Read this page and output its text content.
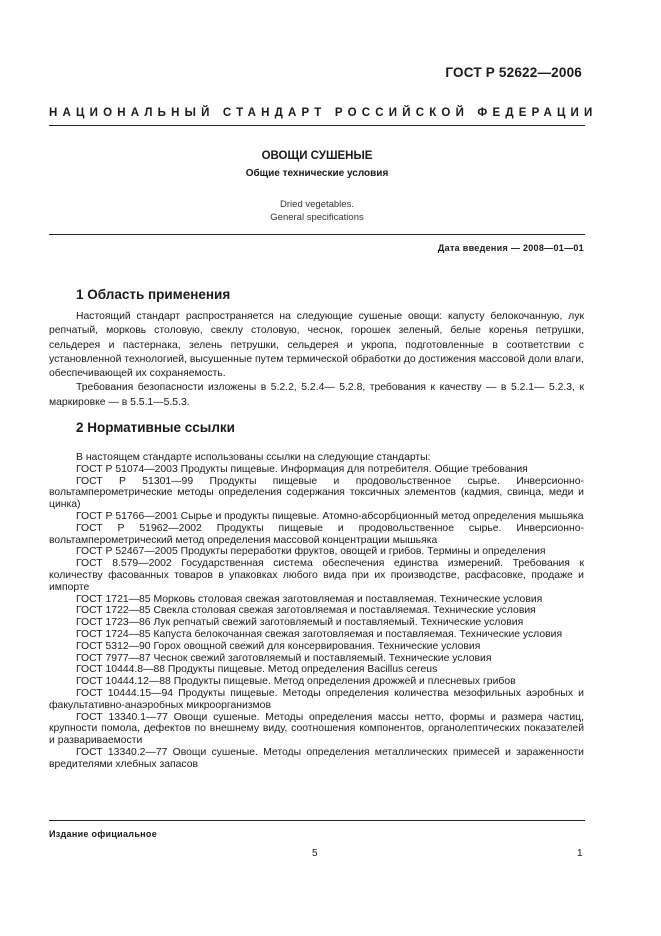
ГОСТ Р 52622—2006
НАЦИОНАЛЬНЫЙ СТАНДАРТ РОССИЙСКОЙ ФЕДЕРАЦИИ
ОВОЩИ СУШЕНЫЕ
Общие технические условия
Dried vegetables.
General specifications
Дата введения — 2008—01—01
1 Область применения

Настоящий стандарт распространяется на следующие сушеные овощи: капусту белокочанную, лук репчатый, морковь столовую, свеклу столовую, чеснок, горошек зеленый, белые коренья петрушки, сельдерея и пастернака, зелень петрушки, сельдерея и укропа, подготовленные в соответствии с установленной технологией, высушенные путем термической обработки до достижения массовой доли влаги, обеспечивающей их сохраняемость.

Требования безопасности изложены в 5.2.2, 5.2.4— 5.2.8, требования к качеству — в 5.2.1— 5.2.3, к маркировке — в 5.5.1—5.5.3.

2 Нормативные ссылки

В настоящем стандарте использованы ссылки на следующие стандарты:

ГОСТ Р 51074—2003 Продукты пищевые. Информация для потребителя. Общие требования

ГОСТ Р 51301—99 Продукты пищевые и продовольственное сырье. Инверсионно-вольтамперометрические методы определения содержания токсичных элементов (кадмия, свинца, меди и цинка)

ГОСТ Р 51766—2001 Сырье и продукты пищевые. Атомно-абсорбционный метод определения мышьяка

ГОСТ Р 51962—2002 Продукты пищевые и продовольственное сырье. Инверсионно-вольтамперометрический метод определения массовой концентрации мышьяка

ГОСТ Р 52467—2005 Продукты переработки фруктов, овощей и грибов. Термины и определения

ГОСТ 8.579—2002 Государственная система обеспечения единства измерений. Требования к количеству фасованных товаров в упаковках любого вида при их производстве, расфасовке, продаже и импорте

ГОСТ 1721—85 Морковь столовая свежая заготовляемая и поставляемая. Технические условия

ГОСТ 1722—85 Свекла столовая свежая заготовляемая и поставляемая. Технические условия

ГОСТ 1723—86 Лук репчатый свежий заготовляемый и поставляемый. Технические условия

ГОСТ 1724—85 Капуста белокочанная свежая заготовляемая и поставляемая. Технические условия

ГОСТ 5312—90 Горох овощной свежий для консервирования. Технические условия

ГОСТ 7977—87 Чеснок свежий заготовляемый и поставляемый. Технические условия

ГОСТ 10444.8—88 Продукты пищевые. Метод определения Bacillus cereus

ГОСТ 10444.12—88 Продукты пищевые. Метод определения дрожжей и плесневых грибов

ГОСТ 10444.15—94 Продукты пищевые. Методы определения количества мезофильных аэробных и факультативно-анаэробных микроорганизмов

ГОСТ 13340.1—77 Овощи сушеные. Методы определения массы нетто, формы и размера частиц, крупности помола, дефектов по внешнему виду, соотношения компонентов, органолептических показателей и развариваемости

ГОСТ 13340.2—77 Овощи сушеные. Методы определения металлических примесей и зараженности вредителями хлебных запасов

Издание официальное
5	1
